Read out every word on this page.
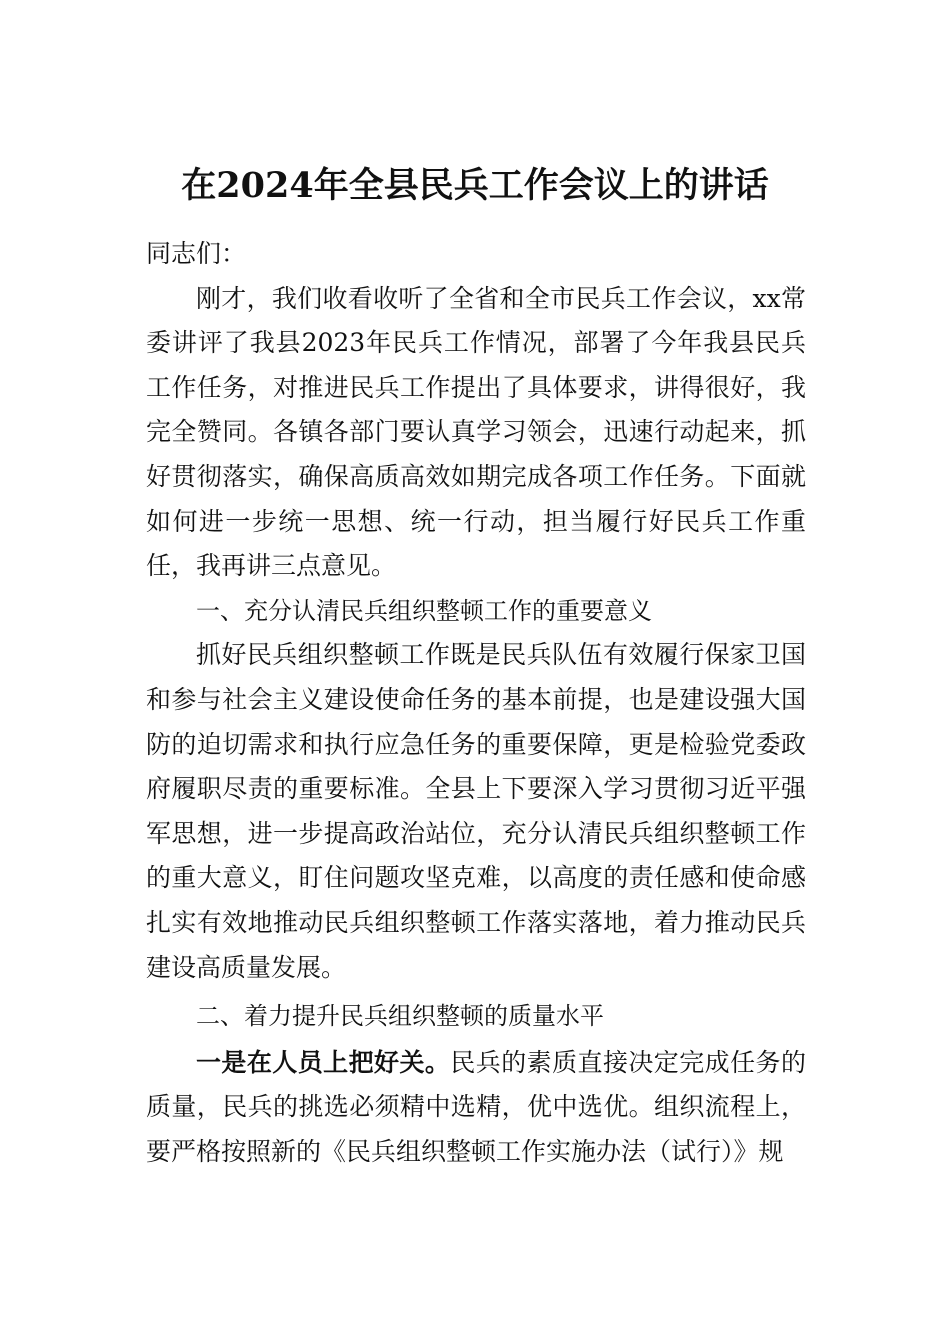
在2024年全县民兵工作会议上的讲话

同志们：

刚才，我们收看收听了全省和全市民兵工作会议，xx常委讲评了我县2023年民兵工作情况，部署了今年我县民兵工作任务，对推进民兵工作提出了具体要求，讲得很好，我完全赞同。各镇各部门要认真学习领会，迅速行动起来，抓好贯彻落实，确保高质高效如期完成各项工作任务。下面就如何进一步统一思想、统一行动，担当履行好民兵工作重任，我再讲三点意见。

一、充分认清民兵组织整顿工作的重要意义

抓好民兵组织整顿工作既是民兵队伍有效履行保家卫国和参与社会主义建设使命任务的基本前提，也是建设强大国防的迫切需求和执行应急任务的重要保障，更是检验党委政府履职尽责的重要标准。全县上下要深入学习贯彻习近平强军思想，进一步提高政治站位，充分认清民兵组织整顿工作的重大意义，盯住问题攻坚克难，以高度的责任感和使命感扎实有效地推动民兵组织整顿工作落实落地，着力推动民兵建设高质量发展。

二、着力提升民兵组织整顿的质量水平

一是在人员上把好关。民兵的素质直接决定完成任务的质量，民兵的挑选必须精中选精，优中选优。组织流程上，要严格按照新的《民兵组织整顿工作实施办法（试行）》规
